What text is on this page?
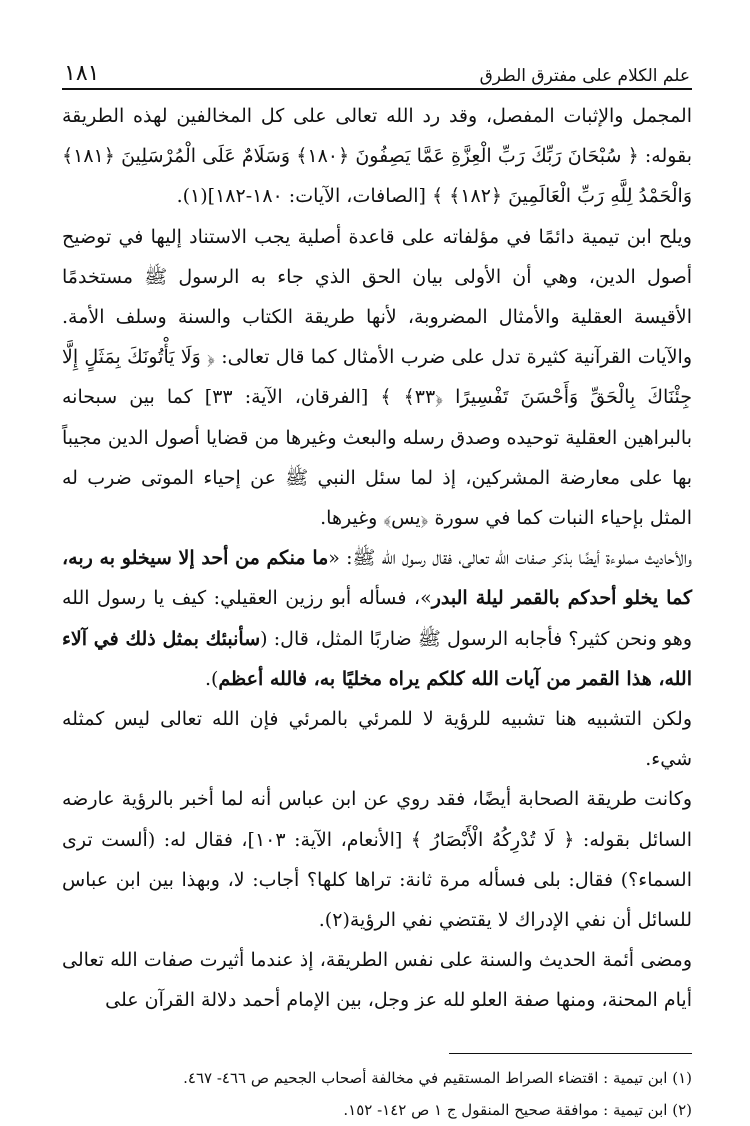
علم الكلام على مفترق الطرق
١٨١

المجمل والإثبات المفصل، وقد رد الله تعالى على كل المخالفين لهذه الطريقة بقوله: ﴿ سُبْحَانَ رَبِّكَ رَبِّ الْعِزَّةِ عَمَّا يَصِفُونَ ﴿١٨٠﴾ وَسَلَامٌ عَلَى الْمُرْسَلِينَ ﴿١٨١﴾ وَالْحَمْدُ لِلَّهِ رَبِّ الْعَالَمِينَ ﴿١٨٢﴾ ﴾ [الصافات، الآيات: ١٨٠-١٨٢](١).

ويلح ابن تيمية دائمًا في مؤلفاته على قاعدة أصلية يجب الاستناد إليها في توضيح أصول الدين، وهي أن الأولى بيان الحق الذي جاء به الرسول ﷺ مستخدمًا الأقيسة العقلية والأمثال المضروبة، لأنها طريقة الكتاب والسنة وسلف الأمة. والآيات القرآنية كثيرة تدل على ضرب الأمثال كما قال تعالى: ﴿ وَلَا يَأْتُونَكَ بِمَثَلٍ إِلَّا جِئْنَاكَ بِالْحَقِّ وَأَحْسَنَ تَفْسِيرًا ﴿٣٣﴾ ﴾ [الفرقان، الآية: ٣٣] كما بين سبحانه بالبراهين العقلية توحيده وصدق رسله والبعث وغيرها من قضايا أصول الدين مجيباً بها على معارضة المشركين، إذ لما سئل النبي ﷺ عن إحياء الموتى ضرب له المثل بإحياء النبات كما في سورة ﴿يس﴾ وغيرها.

والأحاديث مملوءة أيضًا بذكر صفات الله تعالى، فقال رسول الله ﷺ: «ما منكم من أحد إلا سيخلو به ربه، كما يخلو أحدكم بالقمر ليلة البدر»، فسأله أبو رزين العقيلي: كيف يا رسول الله وهو ونحن كثير؟ فأجابه الرسول ﷺ ضاربًا المثل، قال: (سأنبئك بمثل ذلك في آلاء الله، هذا القمر من آيات الله كلكم يراه مخليًا به، فالله أعظم).

ولكن التشبيه هنا تشبيه للرؤية لا للمرئي بالمرئي فإن الله تعالى ليس كمثله شيء.

وكانت طريقة الصحابة أيضًا، فقد روي عن ابن عباس أنه لما أخبر بالرؤية عارضه السائل بقوله: ﴿ لَا تُدْرِكُهُ الْأَبْصَارُ ﴾ [الأنعام، الآية: ١٠٣]، فقال له: (ألست ترى السماء؟) فقال: بلى فسأله مرة ثانة: تراها كلها؟ أجاب: لا، وبهذا بين ابن عباس للسائل أن نفي الإدراك لا يقتضي نفي الرؤية(٢).

ومضى أئمة الحديث والسنة على نفس الطريقة، إذ عندما أثيرت صفات الله تعالى أيام المحنة، ومنها صفة العلو لله عز وجل، بين الإمام أحمد دلالة القرآن على

(١) ابن تيمية : اقتضاء الصراط المستقيم في مخالفة أصحاب الجحيم ص ٤٦٦- ٤٦٧.

(٢) ابن تيمية : موافقة صحيح المنقول ج ١ ص ١٤٢- ١٥٢.
